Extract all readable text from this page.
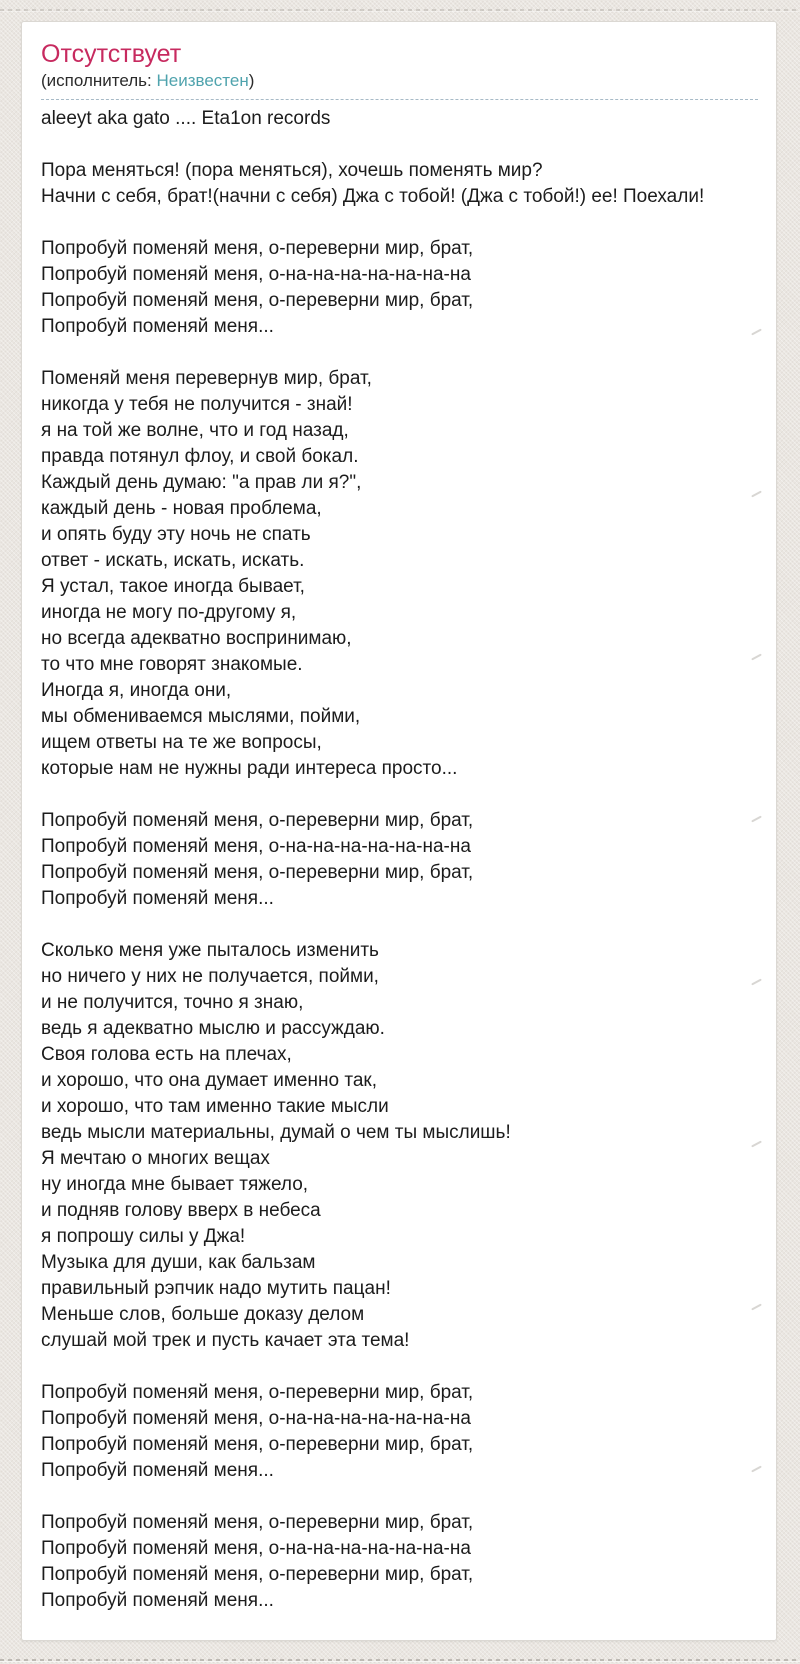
Отсутствует
(исполнитель: Неизвестен)
aleeyt aka gato .... Eta1on records
Пора меняться! (пора меняться), хочешь поменять мир?
Начни с себя, брат!(начни с себя) Джа с тобой! (Джа с тобой!) ее! Поехали!
Попробуй поменяй меня, о-переверни мир, брат,
Попробуй поменяй меня, о-на-на-на-на-на-на-на
Попробуй поменяй меня, о-переверни мир, брат,
Попробуй поменяй меня...
Поменяй меня перевернув мир, брат,
никогда у тебя не получится - знай!
я на той же волне, что и год назад,
правда потянул флоу, и свой бокал.
Каждый день думаю: "а прав ли я?",
каждый день - новая проблема,
и опять буду эту ночь не спать
ответ - искать, искать, искать.
Я устал, такое иногда бывает,
иногда не могу по-другому я,
но всегда адекватно воспринимаю,
то что мне говорят знакомые.
Иногда я, иногда они,
мы обмениваемся мыслями, пойми,
ищем ответы на те же вопросы,
которые нам не нужны ради интереса просто...
Попробуй поменяй меня, о-переверни мир, брат,
Попробуй поменяй меня, о-на-на-на-на-на-на-на
Попробуй поменяй меня, о-переверни мир, брат,
Попробуй поменяй меня...
Сколько меня уже пыталось изменить
но ничего у них не получается, пойми,
и не получится, точно я знаю,
ведь я адекватно мыслю и рассуждаю.
Своя голова есть на плечах,
и хорошо, что она думает именно так,
и хорошо, что там именно такие мысли
ведь мысли материальны, думай о чем ты мыслишь!
Я мечтаю о многих вещах
ну иногда мне бывает тяжело,
и подняв голову вверх в небеса
я попрошу силы у Джа!
Музыка для души, как бальзам
правильный рэпчик надо мутить пацан!
Меньше слов, больше доказу делом
слушай мой трек и пусть качает эта тема!
Попробуй поменяй меня, о-переверни мир, брат,
Попробуй поменяй меня, о-на-на-на-на-на-на-на
Попробуй поменяй меня, о-переверни мир, брат,
Попробуй поменяй меня...
Попробуй поменяй меня, о-переверни мир, брат,
Попробуй поменяй меня, о-на-на-на-на-на-на-на
Попробуй поменяй меня, о-переверни мир, брат,
Попробуй поменяй меня...
